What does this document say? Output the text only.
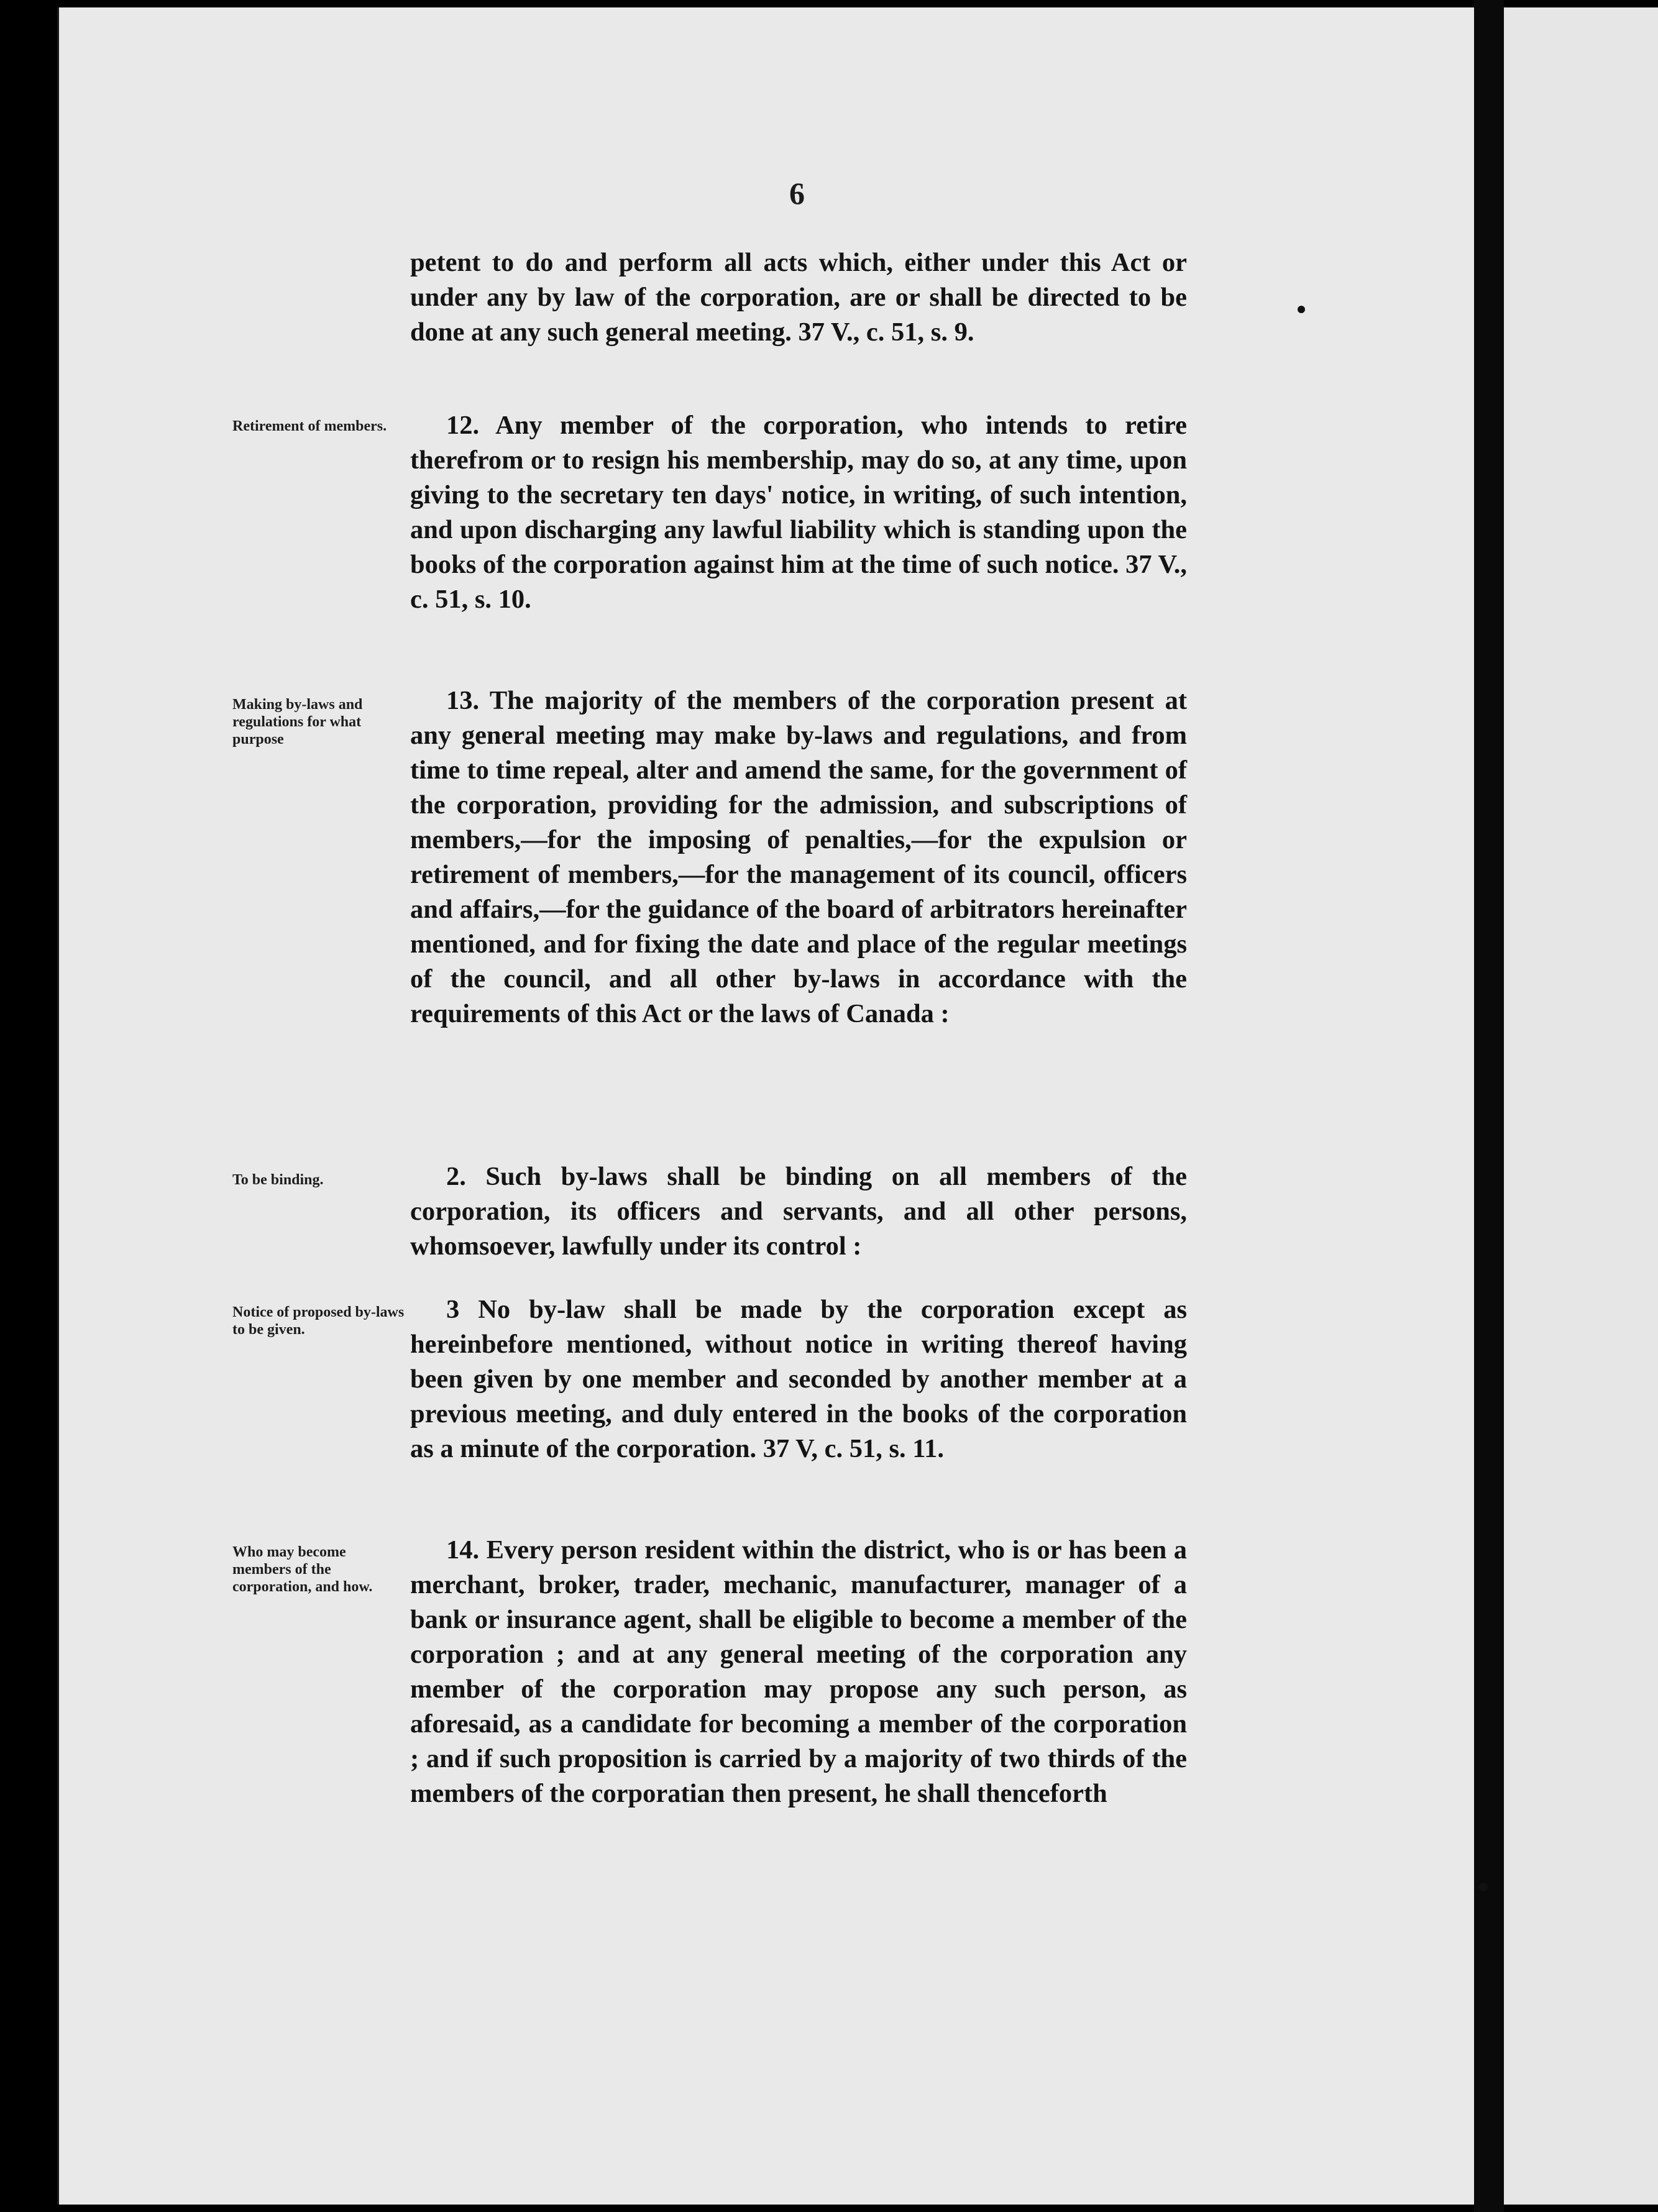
6

petent to do and perform all acts which, either under this Act or under any by law of the corporation, are or shall be directed to be done at any such general meeting. 37 V., c. 51, s. 9.

Retirement of members.	12. Any member of the corporation, who intends to retire therefrom or to resign his membership, may do so, at any time, upon giving to the secretary ten days' notice, in writing, of such intention, and upon discharging any lawful liability which is standing upon the books of the corporation against him at the time of such notice. 37 V., c. 51, s. 10.

Making by-laws and regulations for what purpose

13. The majority of the members of the corporation present at any general meeting may make by-laws and regulations, and from time to time repeal, alter and amend the same, for the government of the corporation, providing for the admission, and subscriptions of members,—for the imposing of penalties,—for the expulsion or retirement of members,—for the management of its council, officers and affairs,—for the guidance of the board of arbitrators hereinafter mentioned, and for fixing the date and place of the regular meetings of the council, and all other by-laws in accordance with the requirements of this Act or the laws of Canada :

To be binding.	2. Such by-laws shall be binding on all members of the corporation, its officers and servants, and all other persons, whomsoever, lawfully under its control :

Notice of proposed by-laws to be given.

3 No by-law shall be made by the corporation except as hereinbefore mentioned, without notice in writing thereof having been given by one member and seconded by another member at a previous meeting, and duly entered in the books of the corporation as a minute of the corporation. 37 V, c. 51, s. 11.

Who may become members of the corporation, and how.

14. Every person resident within the district, who is or has been a merchant, broker, trader, mechanic, manufacturer, manager of a bank or insurance agent, shall be eligible to become a member of the corporation ; and at any general meeting of the corporation any member of the corporation may propose any such person, as aforesaid, as a candidate for becoming a member of the corporation ; and if such proposition is carried by a majority of two thirds of the members of the corporatian then present, he shall thenceforth
